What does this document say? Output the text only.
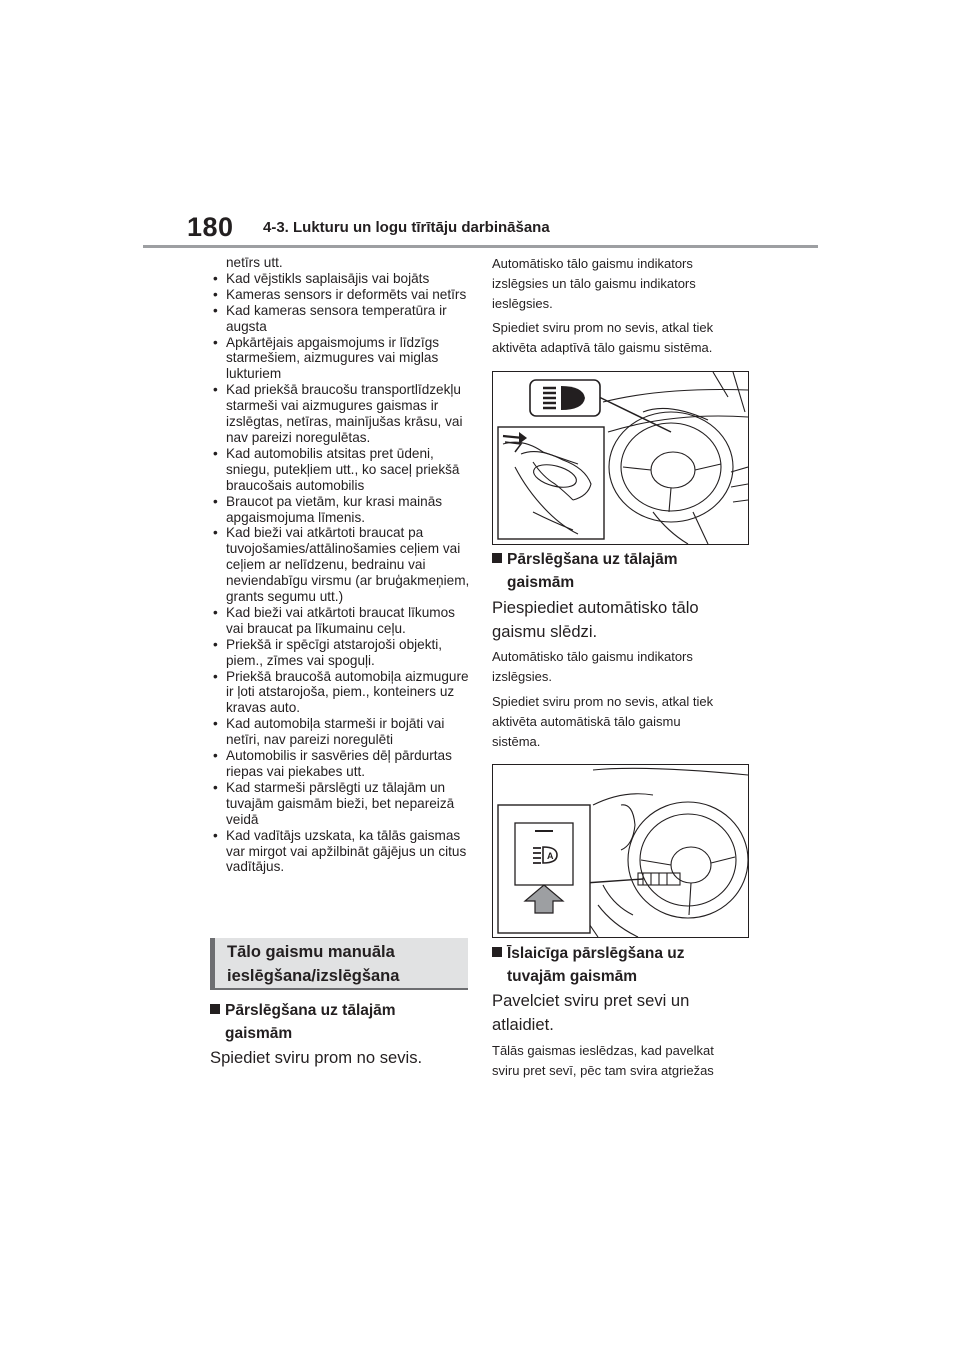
180 4-3. Lukturu un logu tīrītāju darbināšana
netīrs utt.
• Kad vējstikls saplaisājis vai bojāts
• Kameras sensors ir deformēts vai netīrs
• Kad kameras sensora temperatūra ir augsta
• Apkārtējais apgaismojums ir līdzīgs starmešiem, aizmugures vai miglas lukturiem
• Kad priekšā braucošu transportlīdzekļu starmeši vai aizmugures gaismas ir izslēgtas, netīras, mainījušas krāsu, vai nav pareizi noregulētas.
• Kad automobilis atsitas pret ūdeni, sniegu, putekļiem utt., ko saceļ priekšā braucošais automobilis
• Braucot pa vietām, kur krasi mainās apgaismojuma līmenis.
• Kad bieži vai atkārtoti braucat pa tuvojošamies/attālinošamies ceļiem vai ceļiem ar nelīdzenu, bedrainu vai neviendabīgu virsmu (ar bruģakmeņiem, grants segumu utt.)
• Kad bieži vai atkārtoti braucat līkumos vai braucat pa līkumainu ceļu.
• Priekšā ir spēcīgi atstarojoši objekti, piem., zīmes vai spoguļi.
• Priekšā braucošā automobiļa aizmugure ir ļoti atstarojoša, piem., konteiners uz kravas auto.
• Kad automobiļa starmeši ir bojāti vai netīri, nav pareizi noregulēti
• Automobilis ir sasvēries dēļ pārdurtas riepas vai piekabes utt.
• Kad starmeši pārslēgti uz tālajām un tuvajām gaismām bieži, bet nepareizā veidā
• Kad vadītājs uzskata, ka tālās gaismas var mirgot vai apžilbināt gājējus un citus vadītājus.
Tālo gaismu manuāla
ieslēgšana/izslēgšana
Pārslēgšana uz tālajām
gaismām
Spiediet sviru prom no sevis.
Automātisko tālo gaismu indikators
izslēgsies un tālo gaismu indikators
ieslēgsies.
Spiediet sviru prom no sevis, atkal tiek
aktivēta adaptīvā tālo gaismu sistēma.
Pārslēgšana uz tālajām
gaismām
Piespiediet automātisko tālo
gaismu slēdzi.
Automātisko tālo gaismu indikators
izslēgsies.
Spiediet sviru prom no sevis, atkal tiek
aktivēta automātiskā tālo gaismu
sistēma.
A
Īslaicīga pārslēgšana uz
tuvajām gaismām
Pavelciet sviru pret sevi un
atlaidiet.
Tālās gaismas ieslēdzas, kad pavelkat
sviru pret sevī, pēc tam svira atgriežas
